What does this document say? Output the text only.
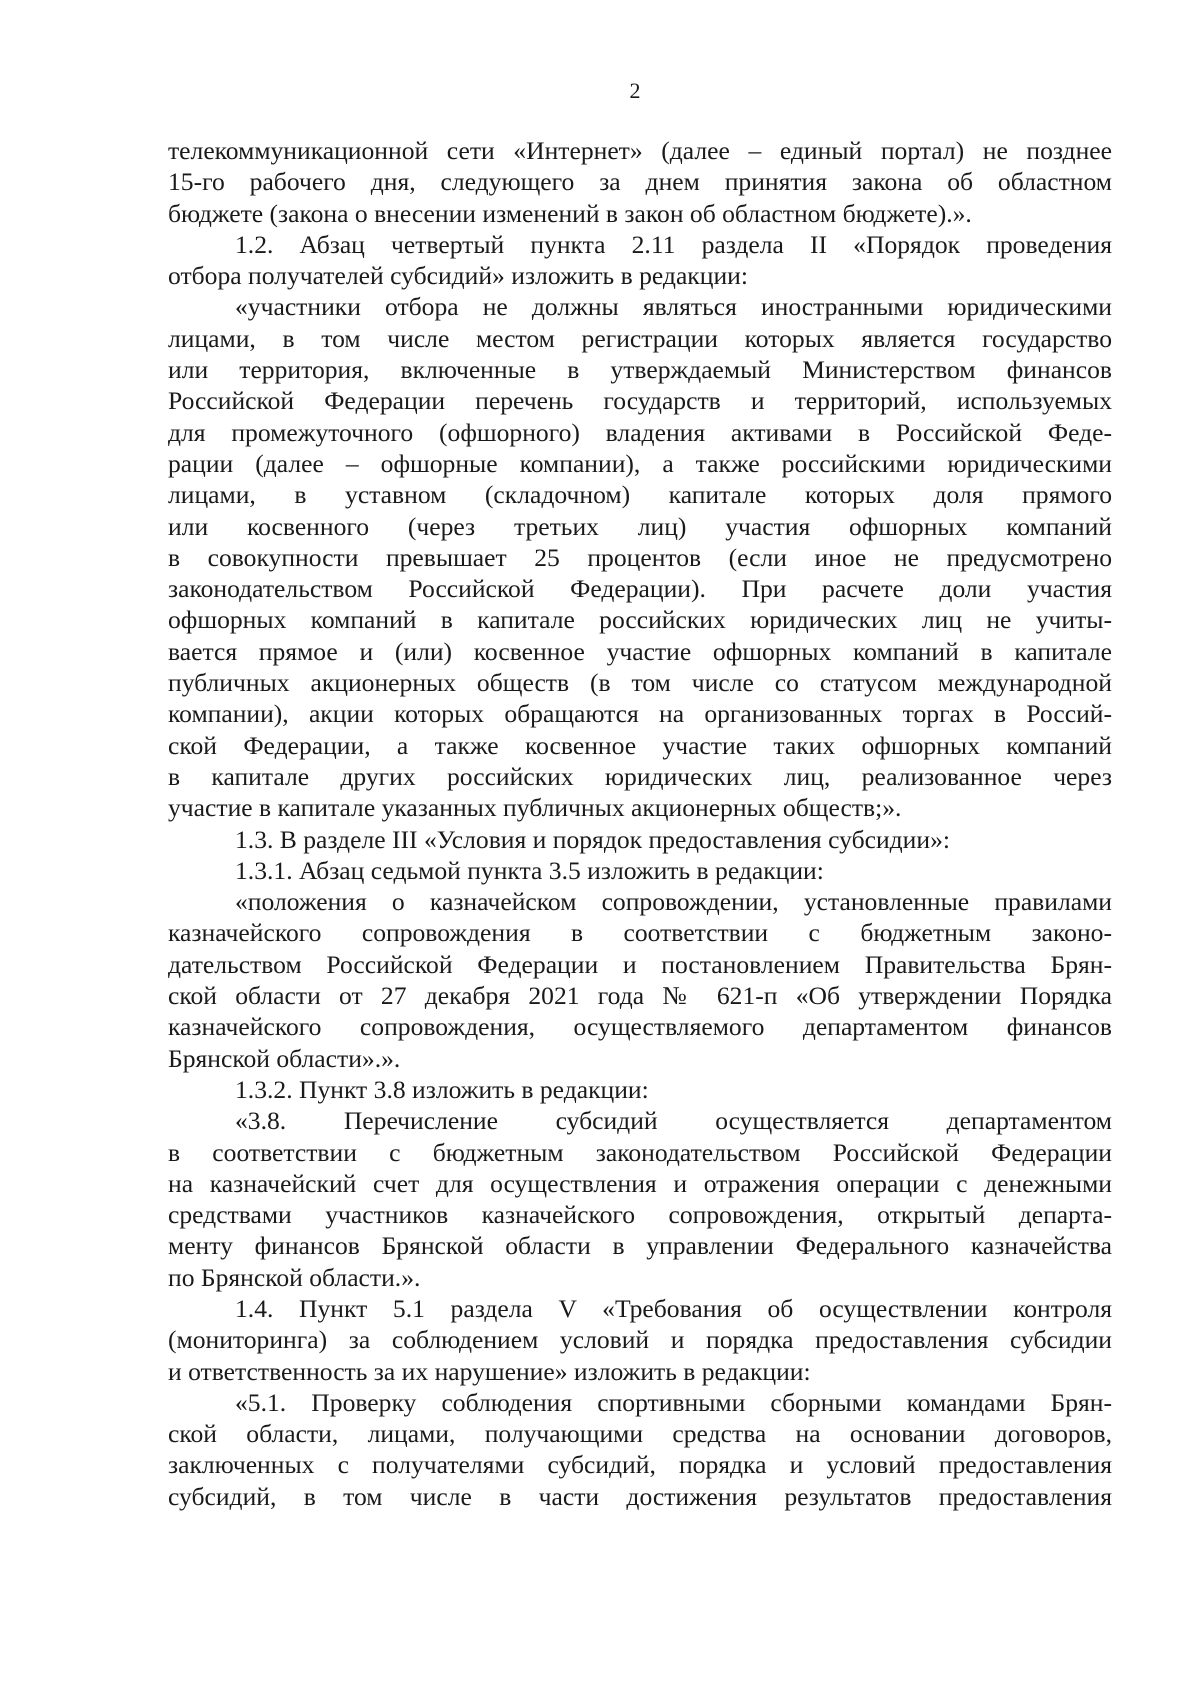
2

телекоммуникационной сети «Интернет» (далее – единый портал) не позднее

15-го рабочего дня, следующего за днем принятия закона об областном

бюджете (закона о внесении изменений в закон об областном бюджете).».

1.2. Абзац четвертый пункта 2.11 раздела II «Порядок проведения

отбора получателей субсидий» изложить в редакции:

«участники отбора не должны являться иностранными юридическими

лицами, в том числе местом регистрации которых является государство

или территория, включенные в утверждаемый Министерством финансов

Российской Федерации перечень государств и территорий, используемых

для промежуточного (офшорного) владения активами в Российской Феде-

рации (далее – офшорные компании), а также российскими юридическими

лицами, в уставном (складочном) капитале которых доля прямого

или косвенного (через третьих лиц) участия офшорных компаний

в совокупности превышает 25 процентов (если иное не предусмотрено

законодательством Российской Федерации). При расчете доли участия

офшорных компаний в капитале российских юридических лиц не учиты-

вается прямое и (или) косвенное участие офшорных компаний в капитале

публичных акционерных обществ (в том числе со статусом международной

компании), акции которых обращаются на организованных торгах в Россий-

ской Федерации, а также косвенное участие таких офшорных компаний

в капитале других российских юридических лиц, реализованное через

участие в капитале указанных публичных акционерных обществ;».

1.3. В разделе III «Условия и порядок предоставления субсидии»:

1.3.1. Абзац седьмой пункта 3.5 изложить в редакции:

«положения о казначейском сопровождении, установленные правилами

казначейского сопровождения в соответствии с бюджетным законо-

дательством Российской Федерации и постановлением Правительства Брян-

ской области от 27 декабря 2021 года № 621-п «Об утверждении Порядка

казначейского сопровождения, осуществляемого департаментом финансов

Брянской области».».

1.3.2. Пункт 3.8 изложить в редакции:

«3.8. Перечисление субсидий осуществляется департаментом

в соответствии с бюджетным законодательством Российской Федерации

на казначейский счет для осуществления и отражения операции с денежными

средствами участников казначейского сопровождения, открытый департа-

менту финансов Брянской области в управлении Федерального казначейства

по Брянской области.».

1.4. Пункт 5.1 раздела V «Требования об осуществлении контроля

(мониторинга) за соблюдением условий и порядка предоставления субсидии

и ответственность за их нарушение» изложить в редакции:

«5.1. Проверку соблюдения спортивными сборными командами Брян-

ской области, лицами, получающими средства на основании договоров,

заключенных с получателями субсидий, порядка и условий предоставления

субсидий, в том числе в части достижения результатов предоставления
